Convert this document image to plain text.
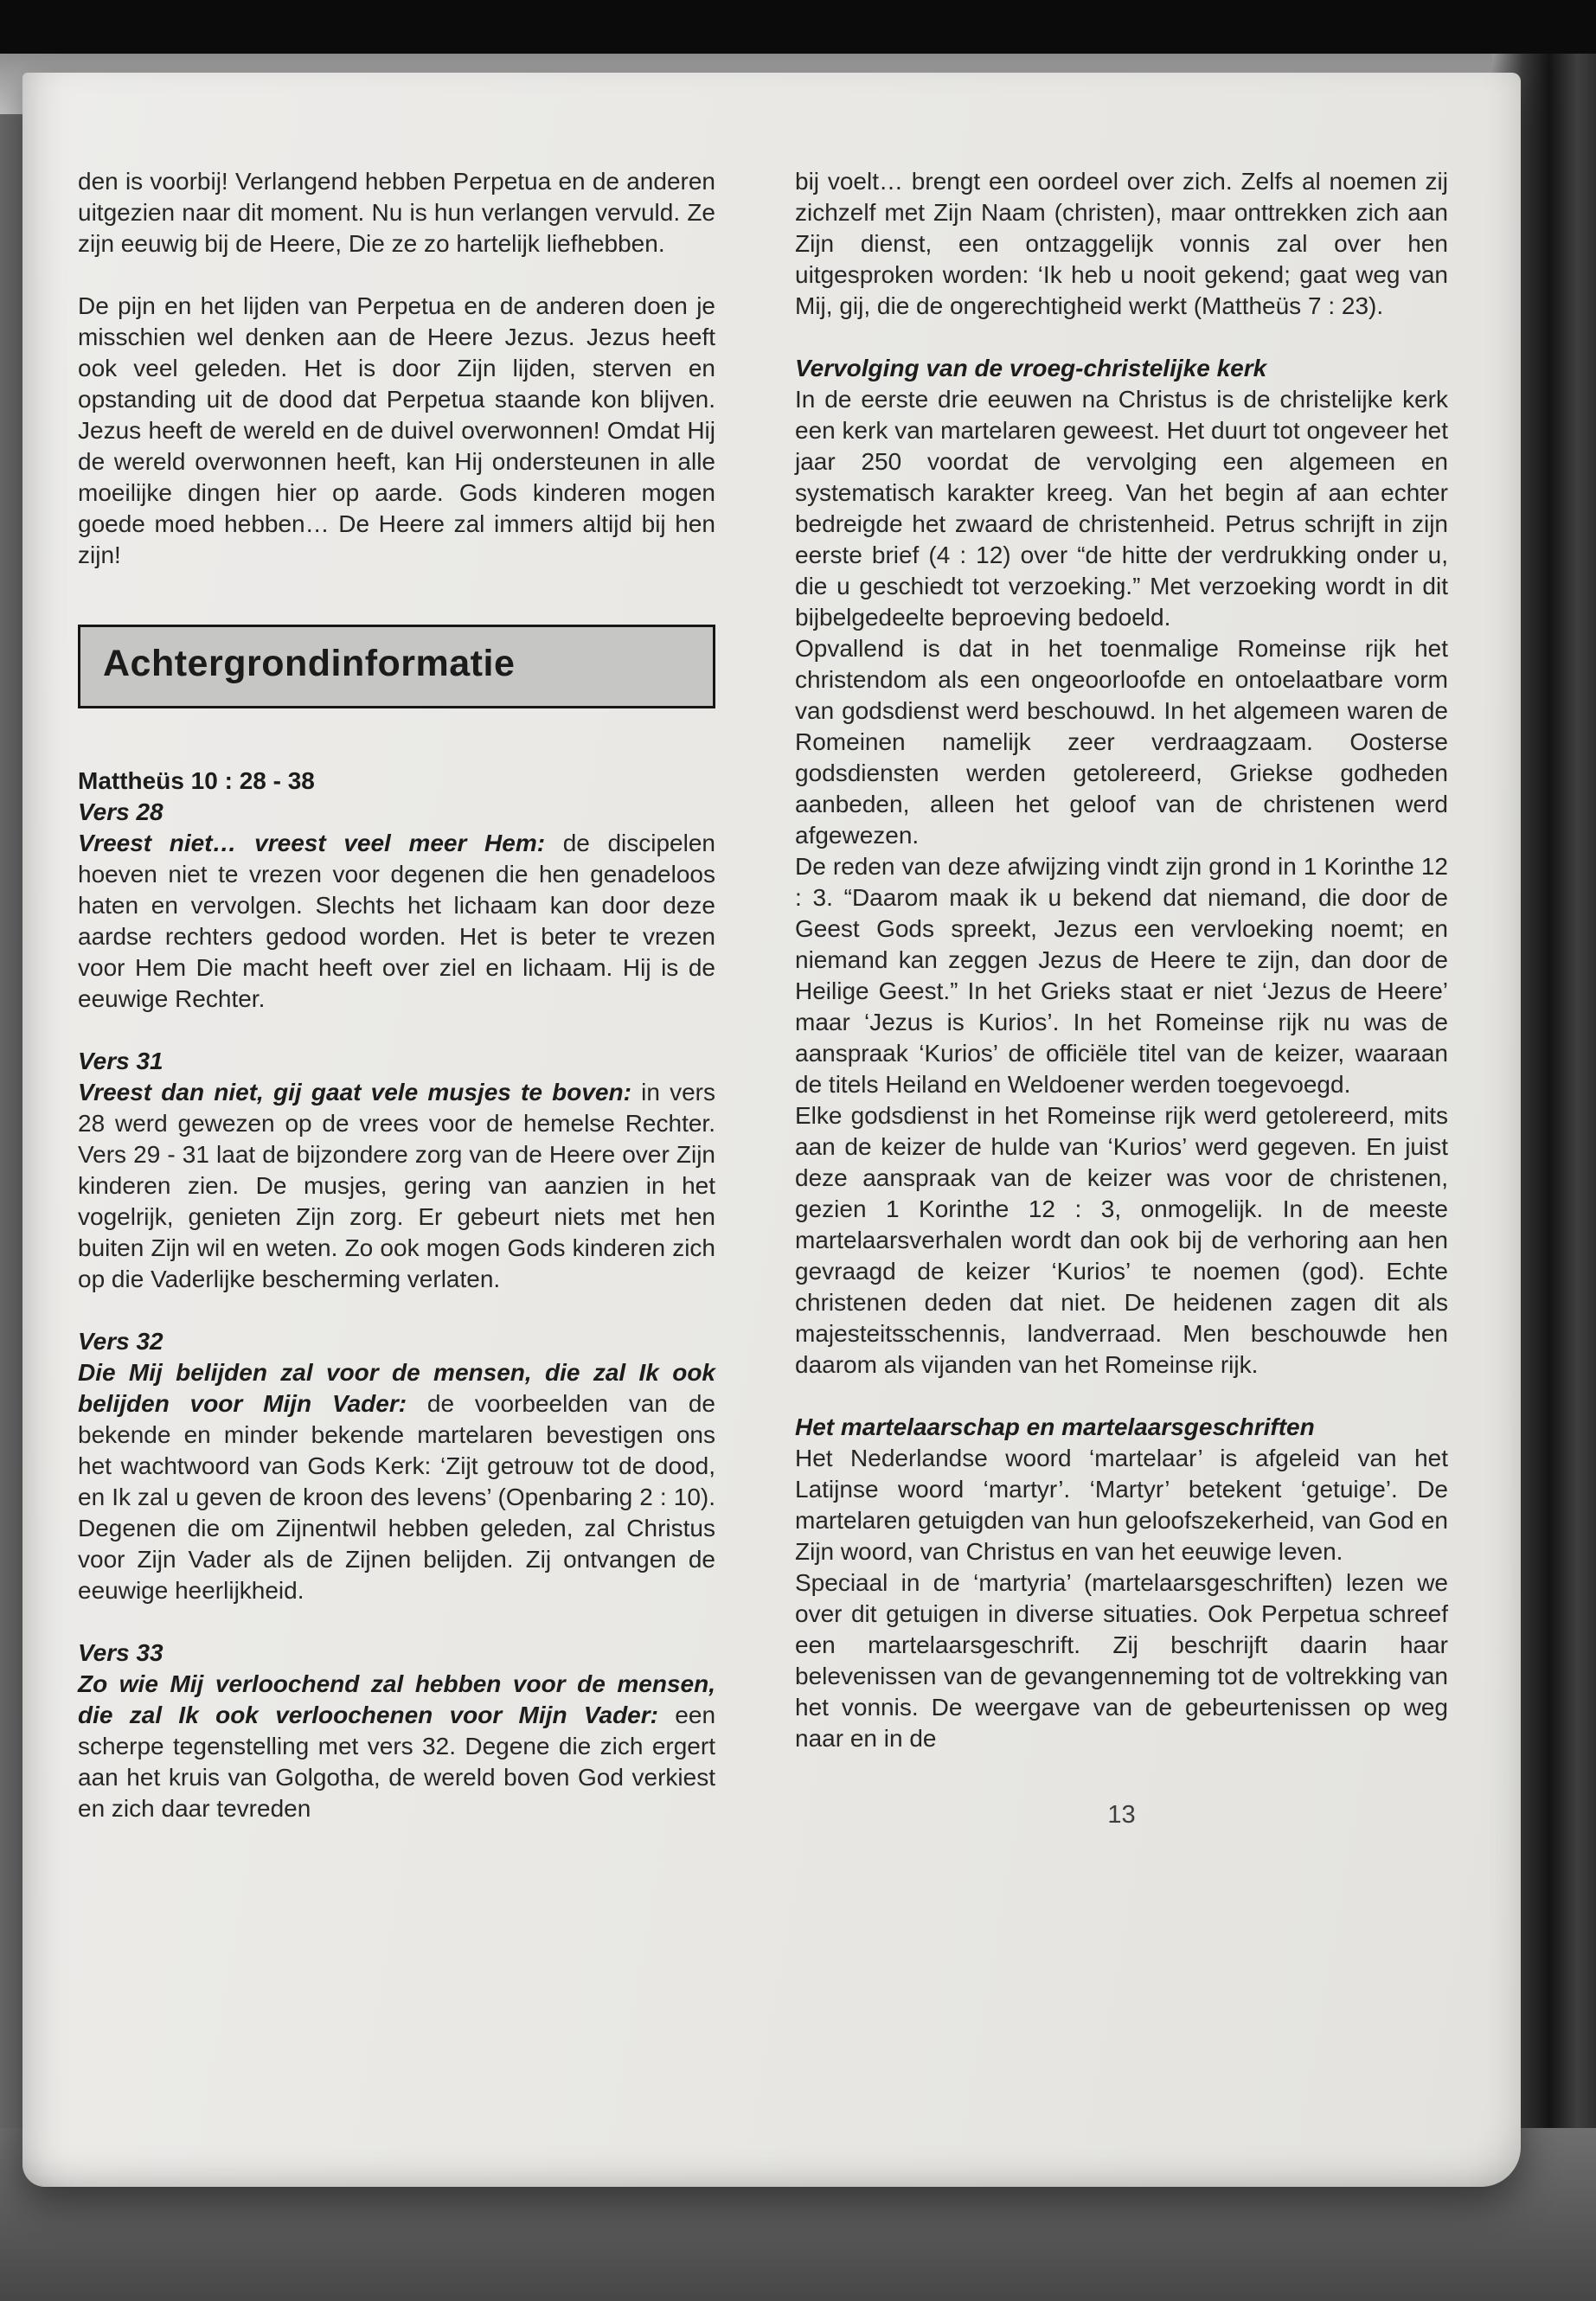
den is voorbij! Verlangend hebben Perpetua en de anderen uitgezien naar dit moment. Nu is hun verlangen vervuld. Ze zijn eeuwig bij de Heere, Die ze zo hartelijk liefhebben.

De pijn en het lijden van Perpetua en de anderen doen je misschien wel denken aan de Heere Jezus. Jezus heeft ook veel geleden. Het is door Zijn lijden, sterven en opstanding uit de dood dat Perpetua staande kon blijven. Jezus heeft de wereld en de duivel overwonnen! Omdat Hij de wereld overwonnen heeft, kan Hij ondersteunen in alle moeilijke dingen hier op aarde. Gods kinderen mogen goede moed hebben… De Heere zal immers altijd bij hen zijn!

Achtergrondinformatie
Mattheüs 10 : 28 - 38
Vers 28

Vreest niet… vreest veel meer Hem: de discipelen hoeven niet te vrezen voor degenen die hen genadeloos haten en vervolgen. Slechts het lichaam kan door deze aardse rechters gedood worden. Het is beter te vrezen voor Hem Die macht heeft over ziel en lichaam. Hij is de eeuwige Rechter.

Vers 31

Vreest dan niet, gij gaat vele musjes te boven: in vers 28 werd gewezen op de vrees voor de hemelse Rechter. Vers 29 - 31 laat de bijzondere zorg van de Heere over Zijn kinderen zien. De musjes, gering van aanzien in het vogelrijk, genieten Zijn zorg. Er gebeurt niets met hen buiten Zijn wil en weten. Zo ook mogen Gods kinderen zich op die Vaderlijke bescherming verlaten.

Vers 32

Die Mij belijden zal voor de mensen, die zal Ik ook belijden voor Mijn Vader: de voorbeelden van de bekende en minder bekende martelaren bevestigen ons het wachtwoord van Gods Kerk: ‘Zijt getrouw tot de dood, en Ik zal u geven de kroon des levens’ (Openbaring 2 : 10). Degenen die om Zijnentwil hebben geleden, zal Christus voor Zijn Vader als de Zijnen belijden. Zij ontvangen de eeuwige heerlijkheid.

Vers 33

Zo wie Mij verloochend zal hebben voor de mensen, die zal Ik ook verloochenen voor Mijn Vader: een scherpe tegenstelling met vers 32. Degene die zich ergert aan het kruis van Golgotha, de wereld boven God verkiest en zich daar tevreden

bij voelt… brengt een oordeel over zich. Zelfs al noemen zij zichzelf met Zijn Naam (christen), maar onttrekken zich aan Zijn dienst, een ontzaggelijk vonnis zal over hen uitgesproken worden: ‘Ik heb u nooit gekend; gaat weg van Mij, gij, die de ongerechtigheid werkt (Mattheüs 7 : 23).

Vervolging van de vroeg-christelijke kerk

In de eerste drie eeuwen na Christus is de christelijke kerk een kerk van martelaren geweest. Het duurt tot ongeveer het jaar 250 voordat de vervolging een algemeen en systematisch karakter kreeg. Van het begin af aan echter bedreigde het zwaard de christenheid. Petrus schrijft in zijn eerste brief (4 : 12) over “de hitte der verdrukking onder u, die u geschiedt tot verzoeking.” Met verzoeking wordt in dit bijbelgedeelte beproeving bedoeld.

Opvallend is dat in het toenmalige Romeinse rijk het christendom als een ongeoorloofde en ontoelaatbare vorm van godsdienst werd beschouwd. In het algemeen waren de Romeinen namelijk zeer verdraagzaam. Oosterse godsdiensten werden getolereerd, Griekse godheden aanbeden, alleen het geloof van de christenen werd afgewezen.

De reden van deze afwijzing vindt zijn grond in 1 Korinthe 12 : 3. “Daarom maak ik u bekend dat niemand, die door de Geest Gods spreekt, Jezus een vervloeking noemt; en niemand kan zeggen Jezus de Heere te zijn, dan door de Heilige Geest.” In het Grieks staat er niet ‘Jezus de Heere’ maar ‘Jezus is Kurios’. In het Romeinse rijk nu was de aanspraak ‘Kurios’ de officiële titel van de keizer, waaraan de titels Heiland en Weldoener werden toegevoegd.

Elke godsdienst in het Romeinse rijk werd getolereerd, mits aan de keizer de hulde van ‘Kurios’ werd gegeven. En juist deze aanspraak van de keizer was voor de christenen, gezien 1 Korinthe 12 : 3, onmogelijk. In de meeste martelaarsverhalen wordt dan ook bij de verhoring aan hen gevraagd de keizer ‘Kurios’ te noemen (god). Echte christenen deden dat niet. De heidenen zagen dit als majesteitsschennis, landverraad. Men beschouwde hen daarom als vijanden van het Romeinse rijk.

Het martelaarschap en martelaarsgeschriften

Het Nederlandse woord ‘martelaar’ is afgeleid van het Latijnse woord ‘martyr’. ‘Martyr’ betekent ‘getuige’. De martelaren getuigden van hun geloofszekerheid, van God en Zijn woord, van Christus en van het eeuwige leven.

Speciaal in de ‘martyria’ (martelaarsgeschriften) lezen we over dit getuigen in diverse situaties. Ook Perpetua schreef een martelaarsgeschrift. Zij beschrijft daarin haar belevenissen van de gevangenneming tot de voltrekking van het vonnis. De weergave van de gebeurtenissen op weg naar en in de

13
